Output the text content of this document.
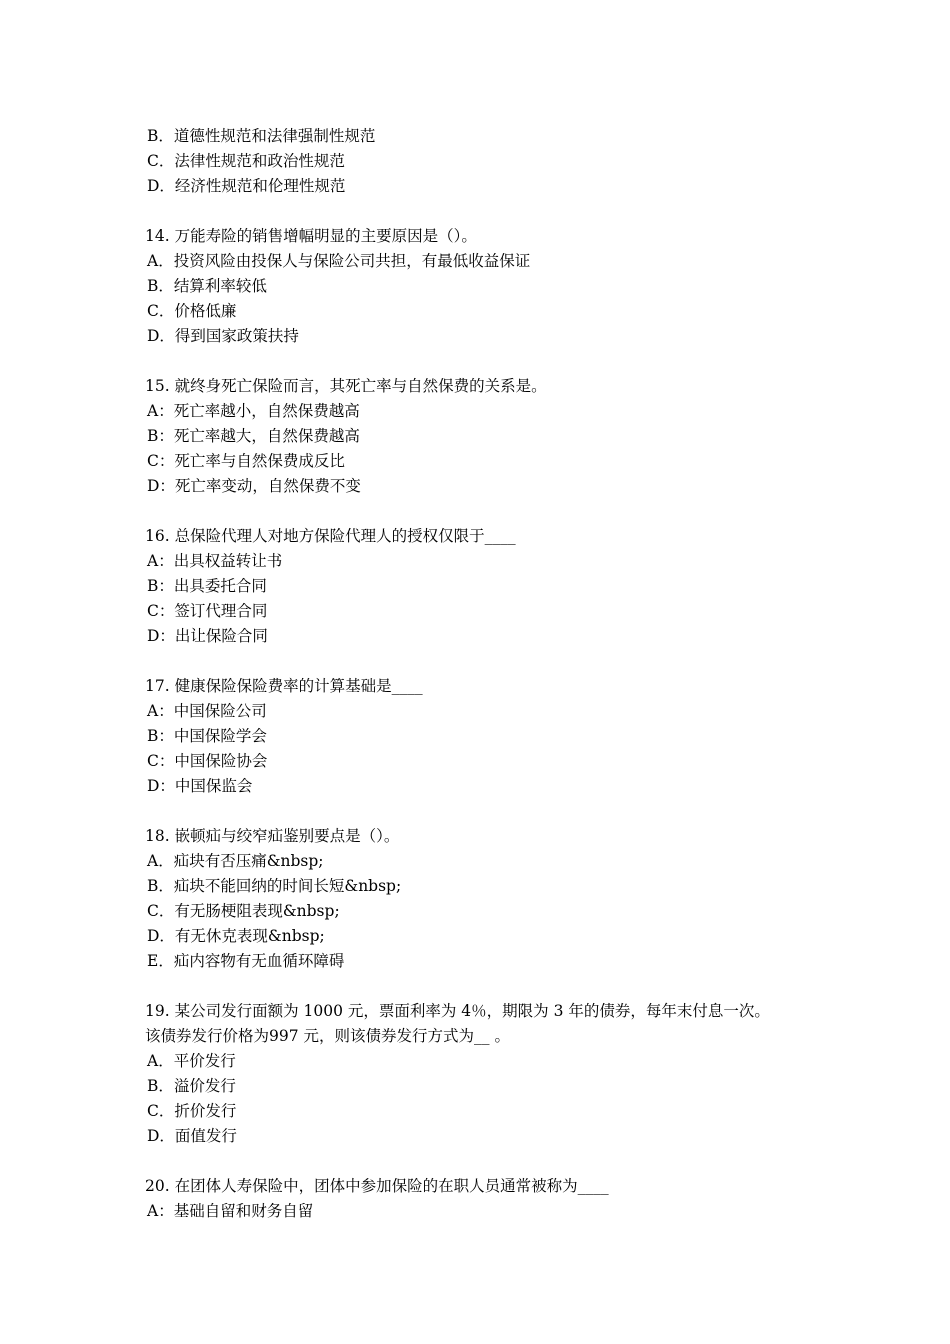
B．道德性规范和法律强制性规范
C．法律性规范和政治性规范
D．经济性规范和伦理性规范
14. 万能寿险的销售增幅明显的主要原因是（）。
A．投资风险由投保人与保险公司共担，有最低收益保证
B．结算利率较低
C．价格低廉
D．得到国家政策扶持
15. 就终身死亡保险而言，其死亡率与自然保费的关系是。
A：死亡率越小，自然保费越高
B：死亡率越大，自然保费越高
C：死亡率与自然保费成反比
D：死亡率变动，自然保费不变
16. 总保险代理人对地方保险代理人的授权仅限于____
A：出具权益转让书
B：出具委托合同
C：签订代理合同
D：出让保险合同
17. 健康保险保险费率的计算基础是____
A：中国保险公司
B：中国保险学会
C：中国保险协会
D：中国保监会
18. 嵌顿疝与绞窄疝鉴别要点是（）。
A．疝块有否压痛&nbsp;
B．疝块不能回纳的时间长短&nbsp;
C．有无肠梗阻表现&nbsp;
D．有无休克表现&nbsp;
E．疝内容物有无血循环障碍
19. 某公司发行面额为 1000 元，票面利率为 4％，期限为 3 年的债券，每年末付息一次。
该债券发行价格为997 元，则该债券发行方式为__ 。
A．平价发行
B．溢价发行
C．折价发行
D．面值发行
20. 在团体人寿保险中，团体中参加保险的在职人员通常被称为____
A：基础自留和财务自留
